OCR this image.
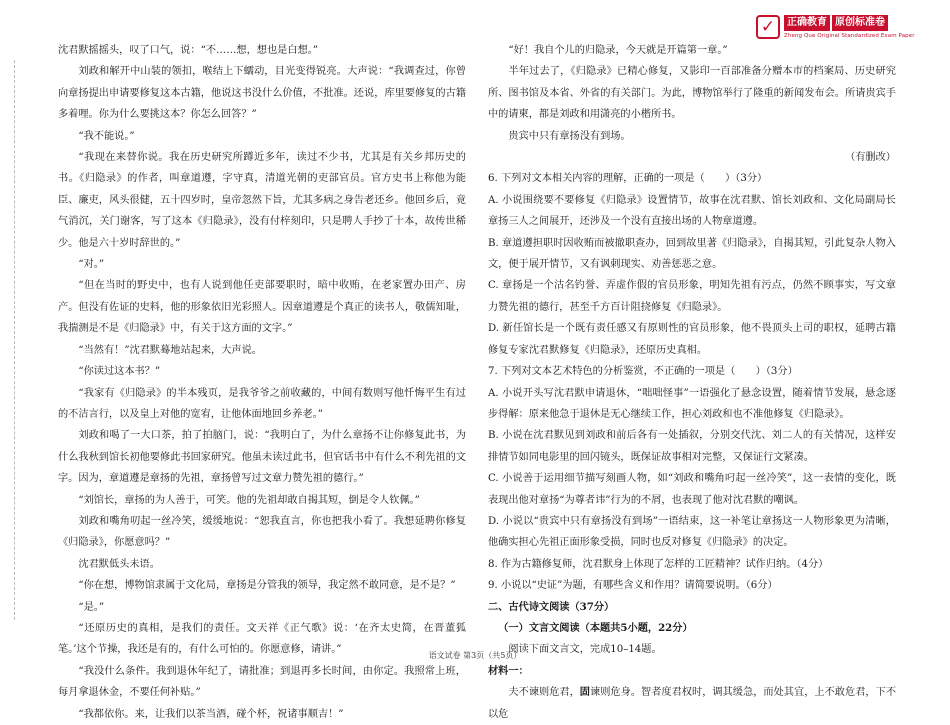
✓	正确教育 原创标准卷
Zheng Que Original Standardized Exam Paper

沈君默摇摇头，叹了口气，说：“不……想，想也是白想。”

刘政和解开中山装的领扣，喉结上下蠕动，目光变得锐亮。大声说：“我调查过，你曾向章扬提出申请要修复这本古籍，他说这书没什么价值，不批准。还说，库里要修复的古籍多着哩。你为什么要挑这本？你怎么回答？”

“我不能说。”

“我现在来替你说。我在历史研究所蹲近多年，读过不少书，尤其是有关乡邦历史的书。《归隐录》的作者，叫章道遵，字守真，清道光朝的吏部官员。官方史书上称他为能臣、廉吏，风头很健，五十四岁时，皇帝忽然下旨，尤其多病之身告老还乡。他回乡后，竟气消沉，关门谢客，写了这本《归隐录》，没有付梓刻印，只是聘人手抄了十本，故传世稀少。他是六十岁时辞世的。”

“对。”

“但在当时的野史中，也有人说到他任吏部要职时，暗中收贿，在老家置办田产、房产。但没有佐证的史料，他的形象依旧光彩照人。因章道遵是个真正的读书人，敬儒知耻，我揣测是不是《归隐录》中，有关于这方面的文字。”

“当然有！”沈君默蓦地站起来，大声说。

“你读过这本书？”

“我家有《归隐录》的半本残页，是我爷爷之前收藏的，中间有数则写他忏悔平生有过的不洁言行，以及皇上对他的宽宥，让他体面地回乡养老。”

刘政和喝了一大口茶，拍了拍脑门，说：“我明白了，为什么章扬不让你修复此书，为什么我秋到馆长初他要修此书回家研究。他虽未读过此书，但官话书中有什么不利先祖的文字。因为，章道遵是章扬的先祖，章扬曾写过文章力赞先祖的德行。”

“刘馆长，章扬的为人善于，可笑。他的先祖却敢自揭其短，倒是令人钦佩。”

刘政和嘴角叨起一丝冷笑，缓缓地说：“恕我直言，你也把我小看了。我想延聘你修复《归隐录》，你愿意吗？”

沈君默低头未语。

“你在想，博物馆隶属于文化局，章扬是分管我的领导，我定然不敢同意，是不是？”

“是。”

“还原历史的真相，是我们的责任。文天祥《正气歌》说：‘在齐太史简，在晋董狐笔。’这个节操，我还是有的，有什么可怕的。你愿意修，请讲。”

“我没什么条件。我到退休年纪了，请批准；到退再多长时间，由你定。我照常上班，每月拿退休金，不要任何补贴。”

“我都依你。来，让我们以茶当酒，碰个杯，祝诸事顺吉！”

“好！我自个儿的归隐录，今天就是开篇第一章。”

半年过去了，《归隐录》已精心修复，又影印一百部准备分赠本市的档案局、历史研究所、图书馆及本省、外省的有关部门。为此，博物馆举行了隆重的新闻发布会。所请贵宾手中的请柬，都是刘政和用潇亮的小楷所书。

贵宾中只有章扬没有到场。

（有删改）

6. 下列对文本相关内容的理解，正确的一项是（　　）（3分）

A. 小说围绕要不要修复《归隐录》设置情节，故事在沈君默、馆长刘政和、文化局副局长章扬三人之间展开，还涉及一个没有直接出场的人物章道遵。

B. 章道遵担职时因收贿而被撤职查办，回到故里著《归隐录》，自揭其短，引此复杂人物入文，便于展开情节，又有讽刺现实、劝善惩恶之意。

C. 章扬是一个沽名钓誉、弄虚作假的官员形象，明知先祖有污点，仍然不顾事实，写文章力赞先祖的德行，甚至千方百计阻挠修复《归隐录》。

D. 新任馆长是一个既有责任感又有原则性的官员形象，他不畏顶头上司的职权，延聘古籍修复专家沈君默修复《归隐录》，还原历史真相。

7. 下列对文本艺术特色的分析鉴赏，不正确的一项是（　　）（3分）

A. 小说开头写沈君默申请退休，“咄咄怪事”一语强化了悬念设置，随着情节发展，悬念逐步得解：原来他急于退休是无心继续工作，担心刘政和也不准他修复《归隐录》。

B. 小说在沈君默见到刘政和前后各有一处插叙，分别交代沈、刘二人的有关情况，这样安排情节如同电影里的回闪镜头，既保证故事相对完整，又保证行文紧凑。

C. 小说善于运用细节描写刻画人物，如“刘政和嘴角叼起一丝冷笑”，这一表情的变化，既表现出他对章扬“为尊者讳”行为的不屑，也表现了他对沈君默的嘲讽。

D. 小说以“贵宾中只有章扬没有到场”一语结束，这一补笔让章扬这一人物形象更为清晰，他确实担心先祖正面形象受损，同时也反对修复《归隐录》的决定。

8. 作为古籍修复师，沈君默身上体现了怎样的工匠精神？试作归纳。（4分）

9. 小说以“史证”为题，有哪些含义和作用？请简要说明。（6分）

二、古代诗文阅读（37分）

（一）文言文阅读（本题共5小题，22分）

阅读下面文言文，完成10–14题。

材料一：

夫不谏则危君，固谏则危身。智者度君权时，调其缓急，而处其宜，上不敢危君，下不以危

语文试卷 第3页（共5页）
